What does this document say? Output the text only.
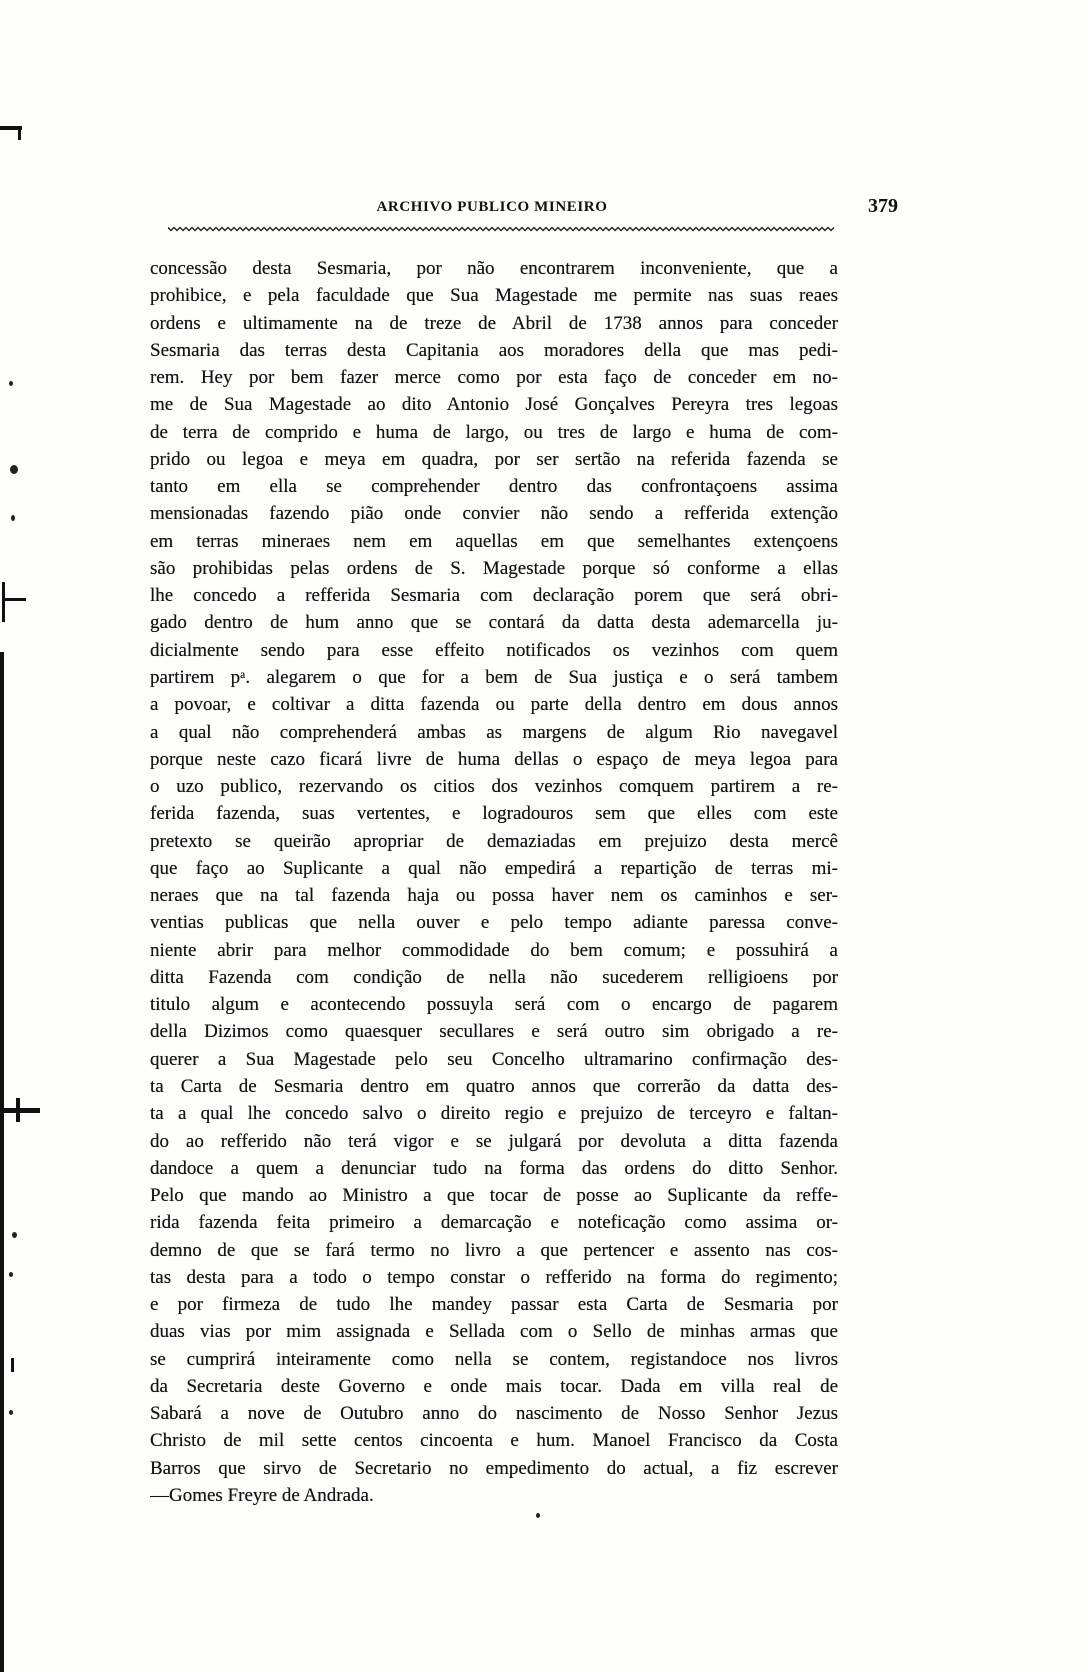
ARCHIVO PUBLICO MINEIRO	379
concessão desta Sesmaria, por não encontrarem inconveniente, que a
prohibice, e pela faculdade que Sua Magestade me permite nas suas reaes
ordens e ultimamente na de treze de Abril de 1738 annos para conceder
Sesmaria das terras desta Capitania aos moradores della que mas pedi-
rem. Hey por bem fazer merce como por esta faço de conceder em no-
me de Sua Magestade ao dito Antonio José Gonçalves Pereyra tres legoas
de terra de comprido e huma de largo, ou tres de largo e huma de com-
prido ou legoa e meya em quadra, por ser sertão na referida fazenda se
tanto em ella se comprehender dentro das confrontaçoens assima
mensionadas fazendo pião onde convier não sendo a refferida extenção
em terras mineraes nem em aquellas em que semelhantes extençoens
são prohibidas pelas ordens de S. Magestade porque só conforme a ellas
lhe concedo a refferida Sesmaria com declaração porem que será obri-
gado dentro de hum anno que se contará da datta desta ademarcella ju-
dicialmente sendo para esse effeito notificados os vezinhos com quem
partirem pᵃ. alegarem o que for a bem de Sua justiça e o será tambem
a povoar, e coltivar a ditta fazenda ou parte della dentro em dous annos
a qual não comprehenderá ambas as margens de algum Rio navegavel
porque neste cazo ficará livre de huma dellas o espaço de meya legoa para
o uzo publico, rezervando os citios dos vezinhos comquem partirem a re-
ferida fazenda, suas vertentes, e logradouros sem que elles com este
pretexto se queirão apropriar de demaziadas em prejuizo desta mercê
que faço ao Suplicante a qual não empedirá a repartição de terras mi-
neraes que na tal fazenda haja ou possa haver nem os caminhos e ser-
ventias publicas que nella ouver e pelo tempo adiante paressa conve-
niente abrir para melhor commodidade do bem comum; e possuhirá a
ditta Fazenda com condição de nella não sucederem relligioens por
titulo algum e acontecendo possuyla será com o encargo de pagarem
della Dizimos como quaesquer secullares e será outro sim obrigado a re-
querer a Sua Magestade pelo seu Concelho ultramarino confirmação des-
ta Carta de Sesmaria dentro em quatro annos que correrão da datta des-
ta a qual lhe concedo salvo o direito regio e prejuizo de terceyro e faltan-
do ao refferido não terá vigor e se julgará por devoluta a ditta fazenda
dandoce a quem a denunciar tudo na forma das ordens do ditto Senhor.
Pelo que mando ao Ministro a que tocar de posse ao Suplicante da reffe-
rida fazenda feita primeiro a demarcação e noteficação como assima or-
demno de que se fará termo no livro a que pertencer e assento nas cos-
tas desta para a todo o tempo constar o refferido na forma do regimento;
e por firmeza de tudo lhe mandey passar esta Carta de Sesmaria por
duas vias por mim assignada e Sellada com o Sello de minhas armas que
se cumprirá inteiramente como nella se contem, registandoce nos livros
da Secretaria deste Governo e onde mais tocar. Dada em villa real de
Sabará a nove de Outubro anno do nascimento de Nosso Senhor Jezus
Christo de mil sette centos cincoenta e hum. Manoel Francisco da Costa
Barros que sirvo de Secretario no empedimento do actual, a fiz escrever
—Gomes Freyre de Andrada.
